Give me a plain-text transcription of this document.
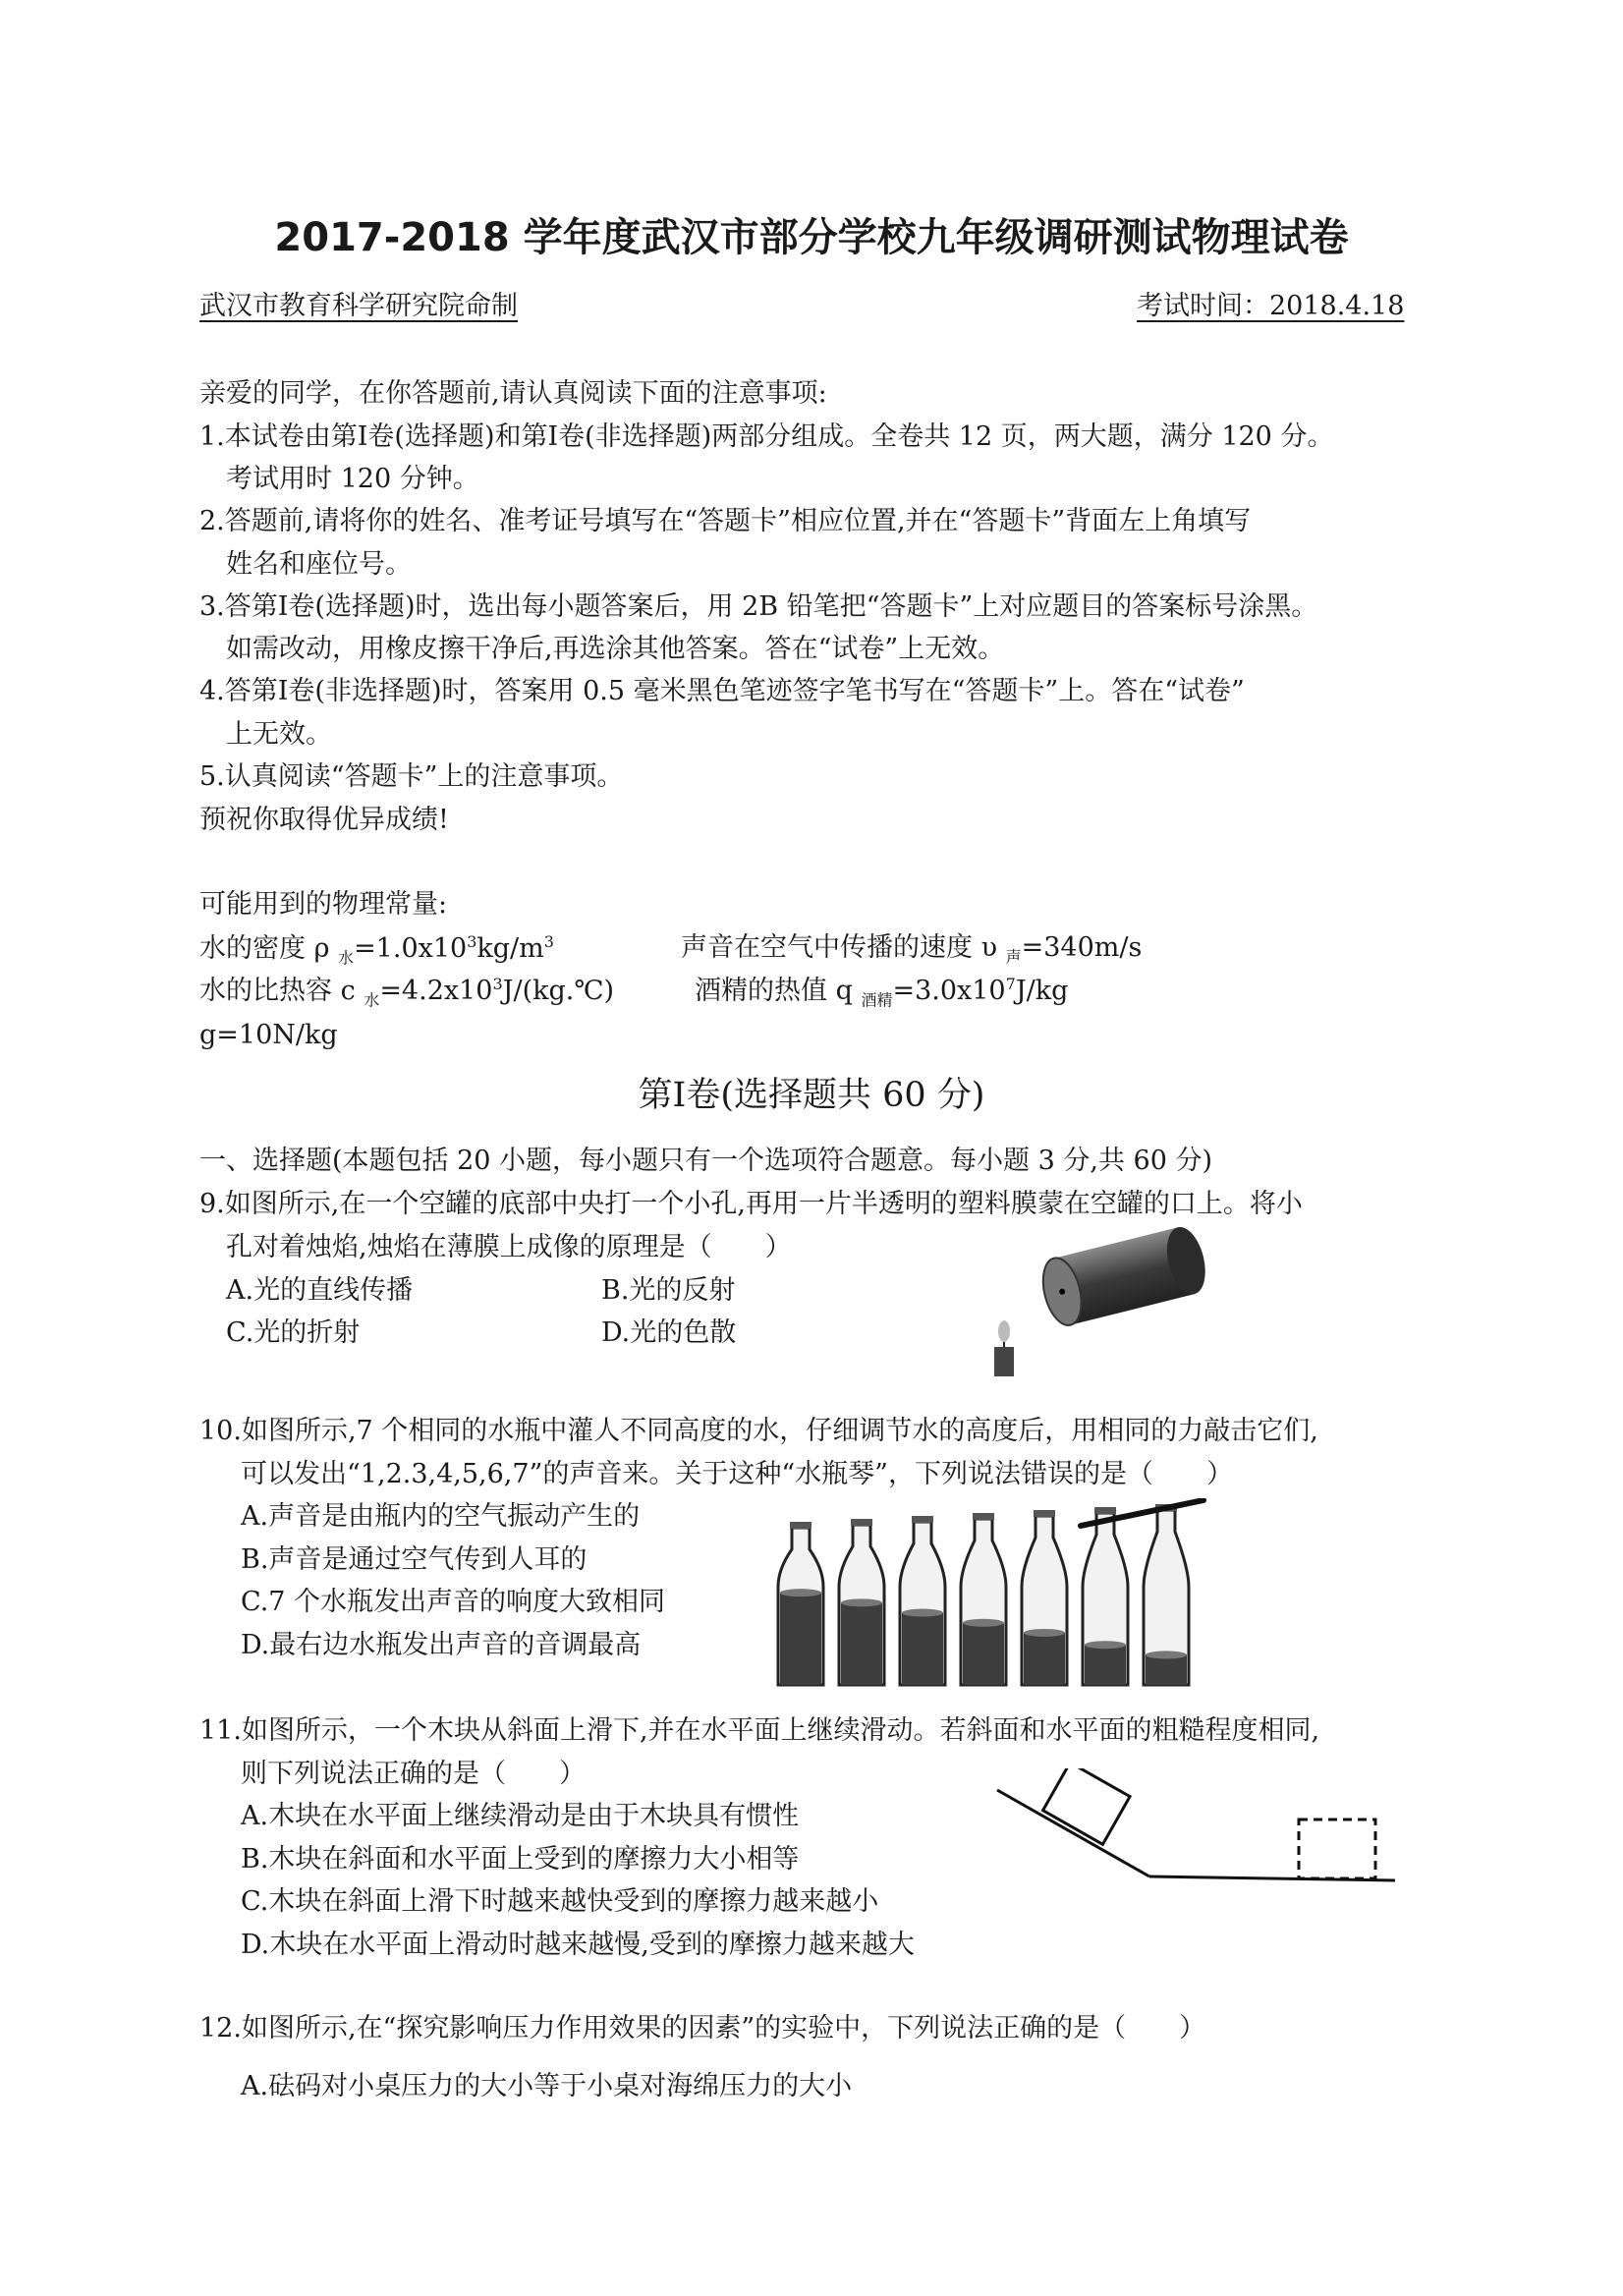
2017-2018 学年度武汉市部分学校九年级调研测试物理试卷
武汉市教育科学研究院命制	考试时间：2018.4.18
亲爱的同学，在你答题前,请认真阅读下面的注意事项:
1.本试卷由第Ⅰ卷(选择题)和第Ⅰ卷(非选择题)两部分组成。全卷共 12 页，两大题，满分 120 分。
考试用时 120 分钟。
2.答题前,请将你的姓名、准考证号填写在“答题卡”相应位置,并在“答题卡”背面左上角填写
姓名和座位号。
3.答第Ⅰ卷(选择题)时，选出每小题答案后，用 2B 铅笔把“答题卡”上对应题目的答案标号涂黑。
如需改动，用橡皮擦干净后,再选涂其他答案。答在“试卷”上无效。
4.答第Ⅰ卷(非选择题)时，答案用 0.5 毫米黑色笔迹签字笔书写在“答题卡”上。答在“试卷”
上无效。
5.认真阅读“答题卡”上的注意事项。
预祝你取得优异成绩!
可能用到的物理常量:
水的密度 ρ $_水=1.0x10^3kg/m^3$	声音在空气中传播的速度 υ $_声$=340m/s
水的比热容 c $_水=4.2x10^3J/(kg.℃)$	酒精的热值 q $_{酒精}=3.0x10^7J/kg$
g=10N/kg
第Ⅰ卷(选择题共 60 分)
一、选择题(本题包括 20 小题，每小题只有一个选项符合题意。每小题 3 分,共 60 分)
9.如图所示,在一个空罐的底部中央打一个小孔,再用一片半透明的塑料膜蒙在空罐的口上。将小
孔对着烛焰,烛焰在薄膜上成像的原理是（　　）
A.光的直线传播	B.光的反射
C.光的折射	D.光的色散
10.如图所示,7 个相同的水瓶中灌人不同高度的水，仔细调节水的高度后，用相同的力敲击它们,
可以发出“1,2.3,4,5,6,7”的声音来。关于这种“水瓶琴”，下列说法错误的是（　　）
A.声音是由瓶内的空气振动产生的
B.声音是通过空气传到人耳的
C.7 个水瓶发出声音的响度大致相同
D.最右边水瓶发出声音的音调最高
11.如图所示，一个木块从斜面上滑下,并在水平面上继续滑动。若斜面和水平面的粗糙程度相同,
则下列说法正确的是（　　）
A.木块在水平面上继续滑动是由于木块具有惯性
B.木块在斜面和水平面上受到的摩擦力大小相等
C.木块在斜面上滑下时越来越快受到的摩擦力越来越小
D.木块在水平面上滑动时越来越慢,受到的摩擦力越来越大
12.如图所示,在“探究影响压力作用效果的因素”的实验中，下列说法正确的是（　　）
A.砝码对小桌压力的大小等于小桌对海绵压力的大小
